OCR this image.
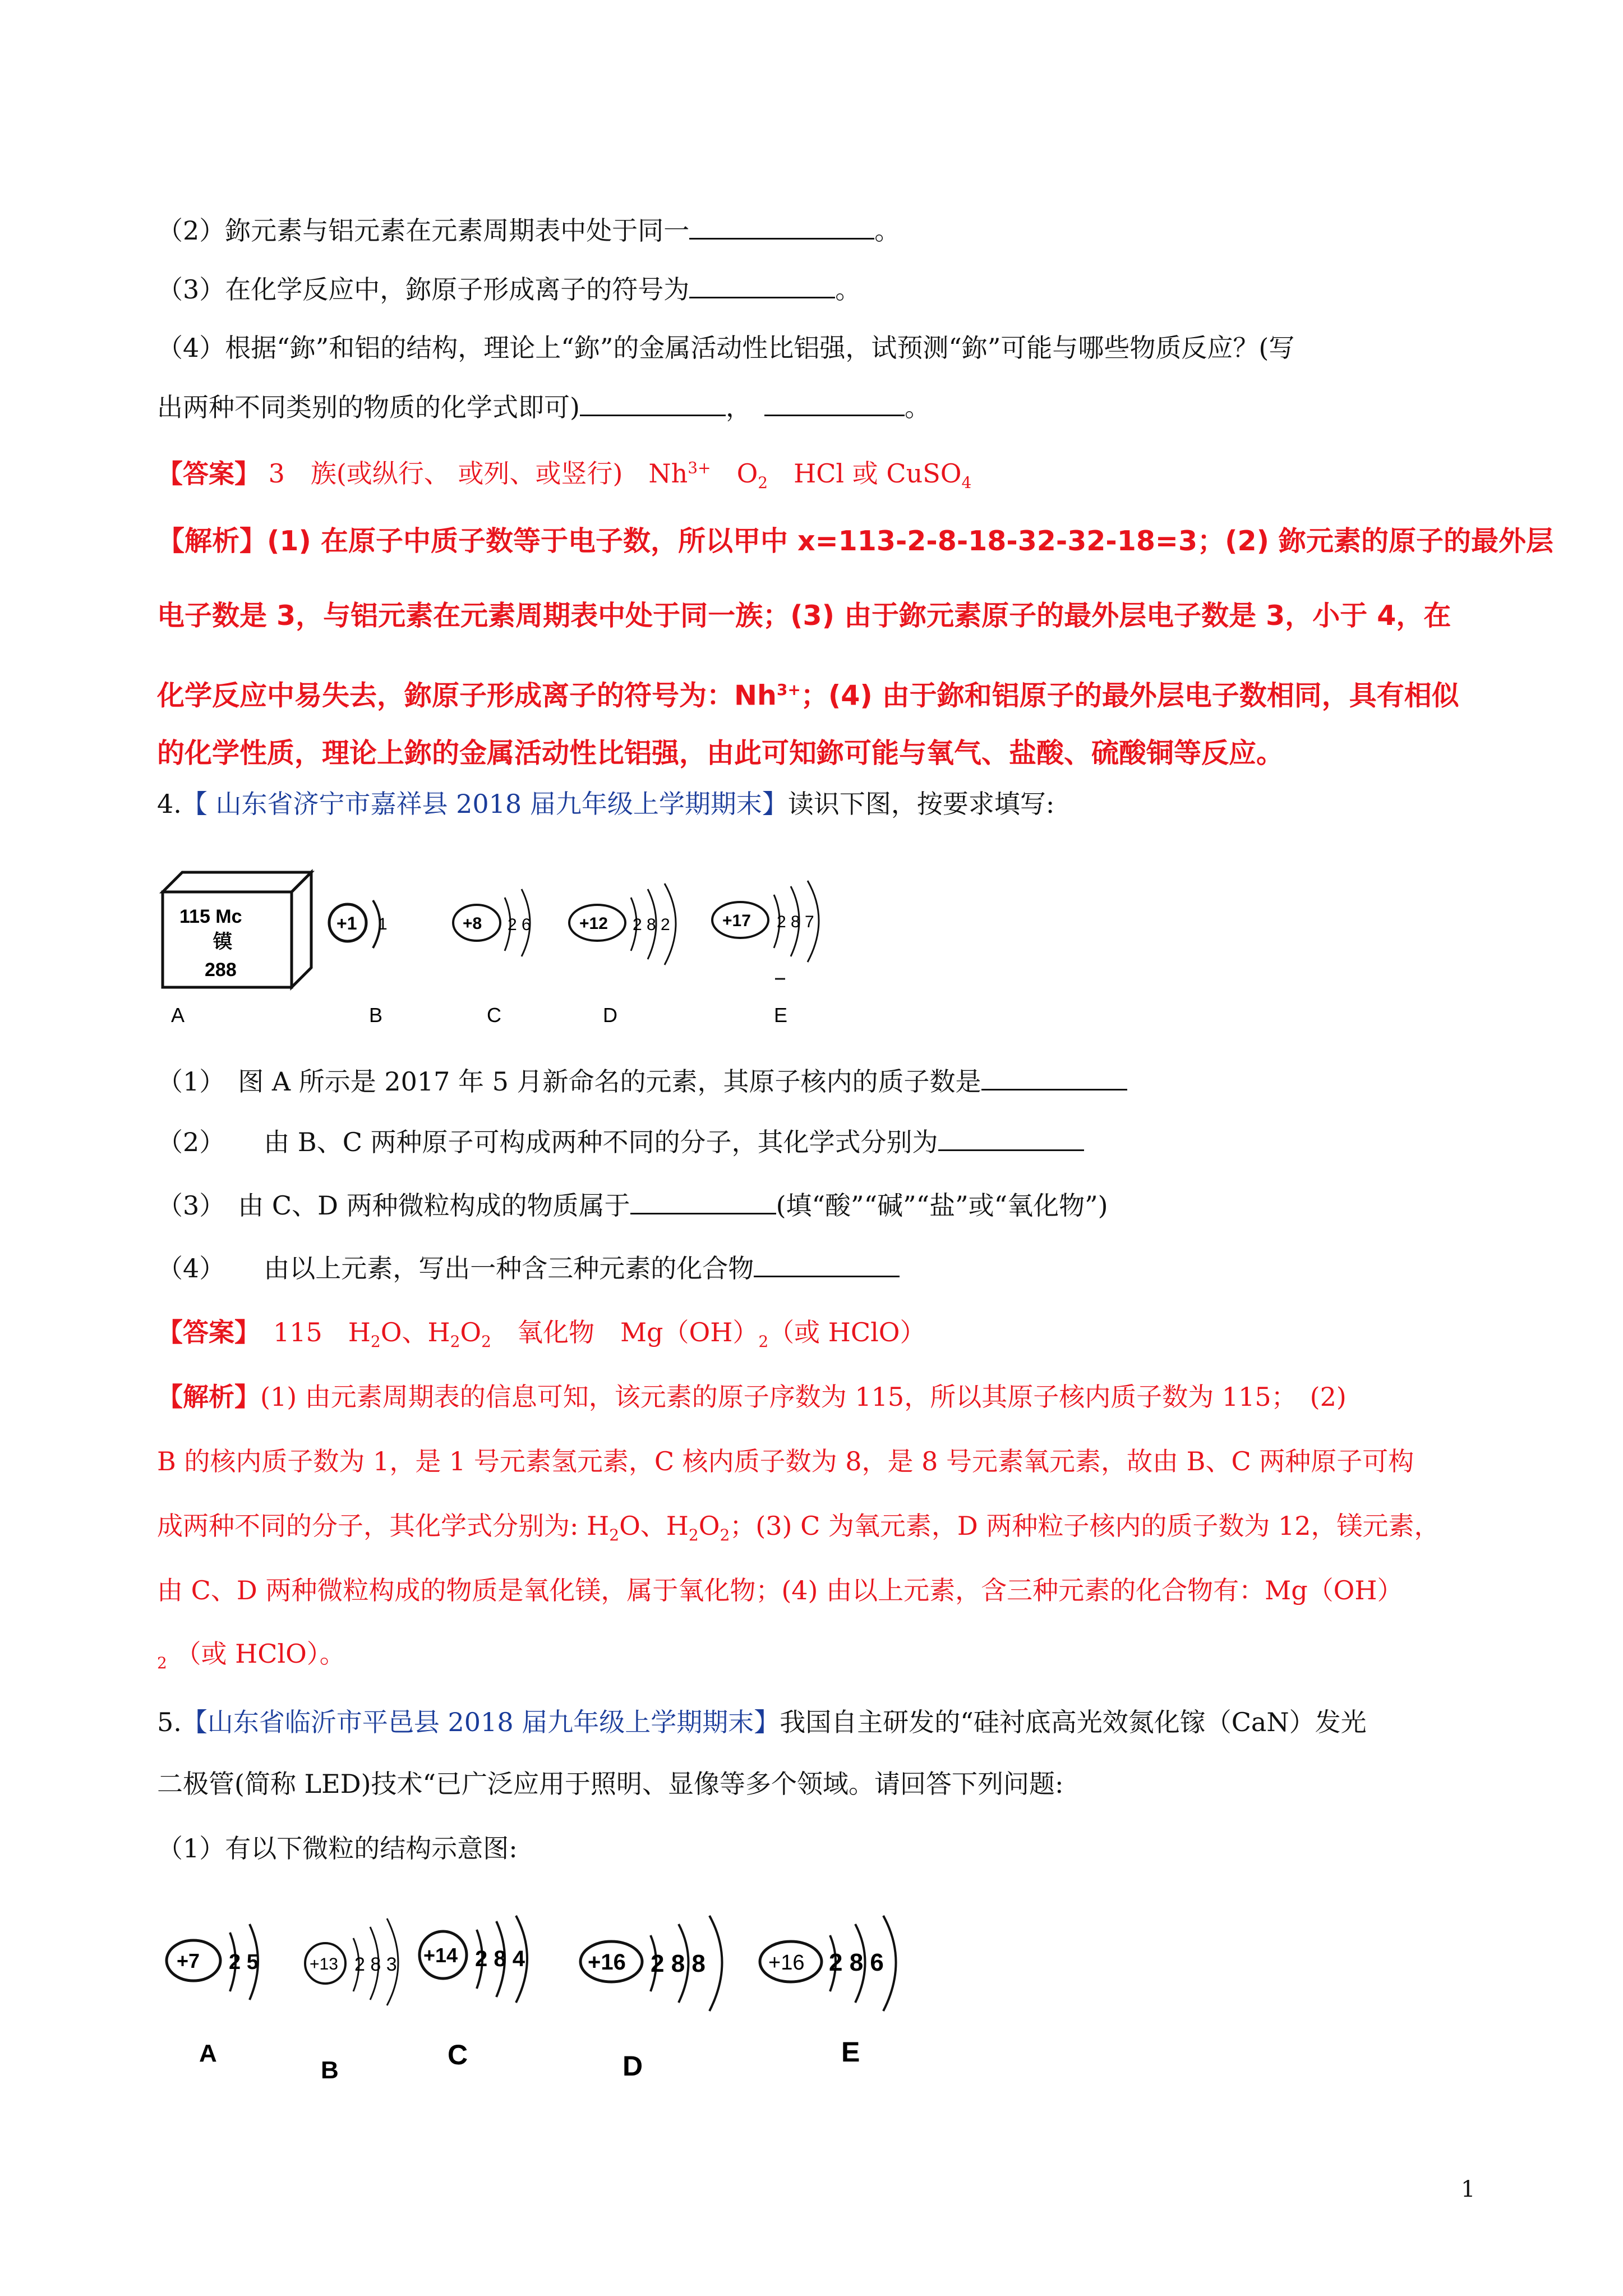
（2）鉨元素与铝元素在元素周期表中处于同一	。
（3）在化学反应中，鉨原子形成离子的符号为	。
（4）根据“鉨”和铝的结构，理论上“鉨”的金属活动性比铝强，试预测“鉨”可能与哪些物质反应？(写
出两种不同类别的物质的化学式即可)	，　	。
【答案】 3　族(或纵行、 或列、或竖行)　$Nh^{3+}$　$O_2$　HCl 或 CuSO$_4$
【解析】(1) 在原子中质子数等于电子数，所以甲中 x=113-2-8-18-32-32-18=3；(2) 鉨元素的原子的最外层
电子数是 3，与铝元素在元素周期表中处于同一族；(3) 由于鉨元素原子的最外层电子数是 3，小于 4，在
化学反应中易失去，鉨原子形成离子的符号为：$Nh^{3+}$；(4) 由于鉨和铝原子的最外层电子数相同，具有相似
的化学性质，理论上鉨的金属活动性比铝强，由此可知鉨可能与氧气、盐酸、硫酸铜等反应。
4.【 山东省济宁市嘉祥县 2018 届九年级上学期期末】读识下图，按要求填写:
115 Mc
镆
288
+1 1	+8 2 6	+12 2 8 2	+17 2 8 7
A	B	C	D	E
（1）　图 A 所示是 2017 年 5 月新命名的元素，其原子核内的质子数是
（2）　　由 B、C 两种原子可构成两种不同的分子，其化学式分别为
（3）　由 C、D 两种微粒构成的物质属于	(填“酸”“碱”“盐”或“氧化物”)
（4）　　由以上元素，写出一种含三种元素的化合物
【答案】　115　$H_2O$、$H_2O_2$　氧化物　$Mg(OH)_2$（或 HClO）
【解析】(1) 由元素周期表的信息可知，该元素的原子序数为 115，所以其原子核内质子数为 115；　(2)
B 的核内质子数为 1，是 1 号元素氢元素，C 核内质子数为 8，是 8 号元素氧元素，故由 B、C 两种原子可构
成两种不同的分子，其化学式分别为: $H_2O$、$H_2O_2$；(3) C 为氧元素，D 两种粒子核内的质子数为 12，镁元素，
由 C、D 两种微粒构成的物质是氧化镁，属于氧化物；(4) 由以上元素，含三种元素的化合物有：Mg（OH）
$_2$ （或 HClO）。
5.【山东省临沂市平邑县 2018 届九年级上学期期末】我国自主研发的“硅衬底高光效氮化镓（CaN）发光
二极管(简称 LED)技术“已广泛应用于照明、显像等多个领域。请回答下列问题:
（1）有以下微粒的结构示意图:
+7 2 5	+13 2 8 3 +14 2 8 4	+16 2 8 8	+16 2 8 6
A
B	C	D	E
1
